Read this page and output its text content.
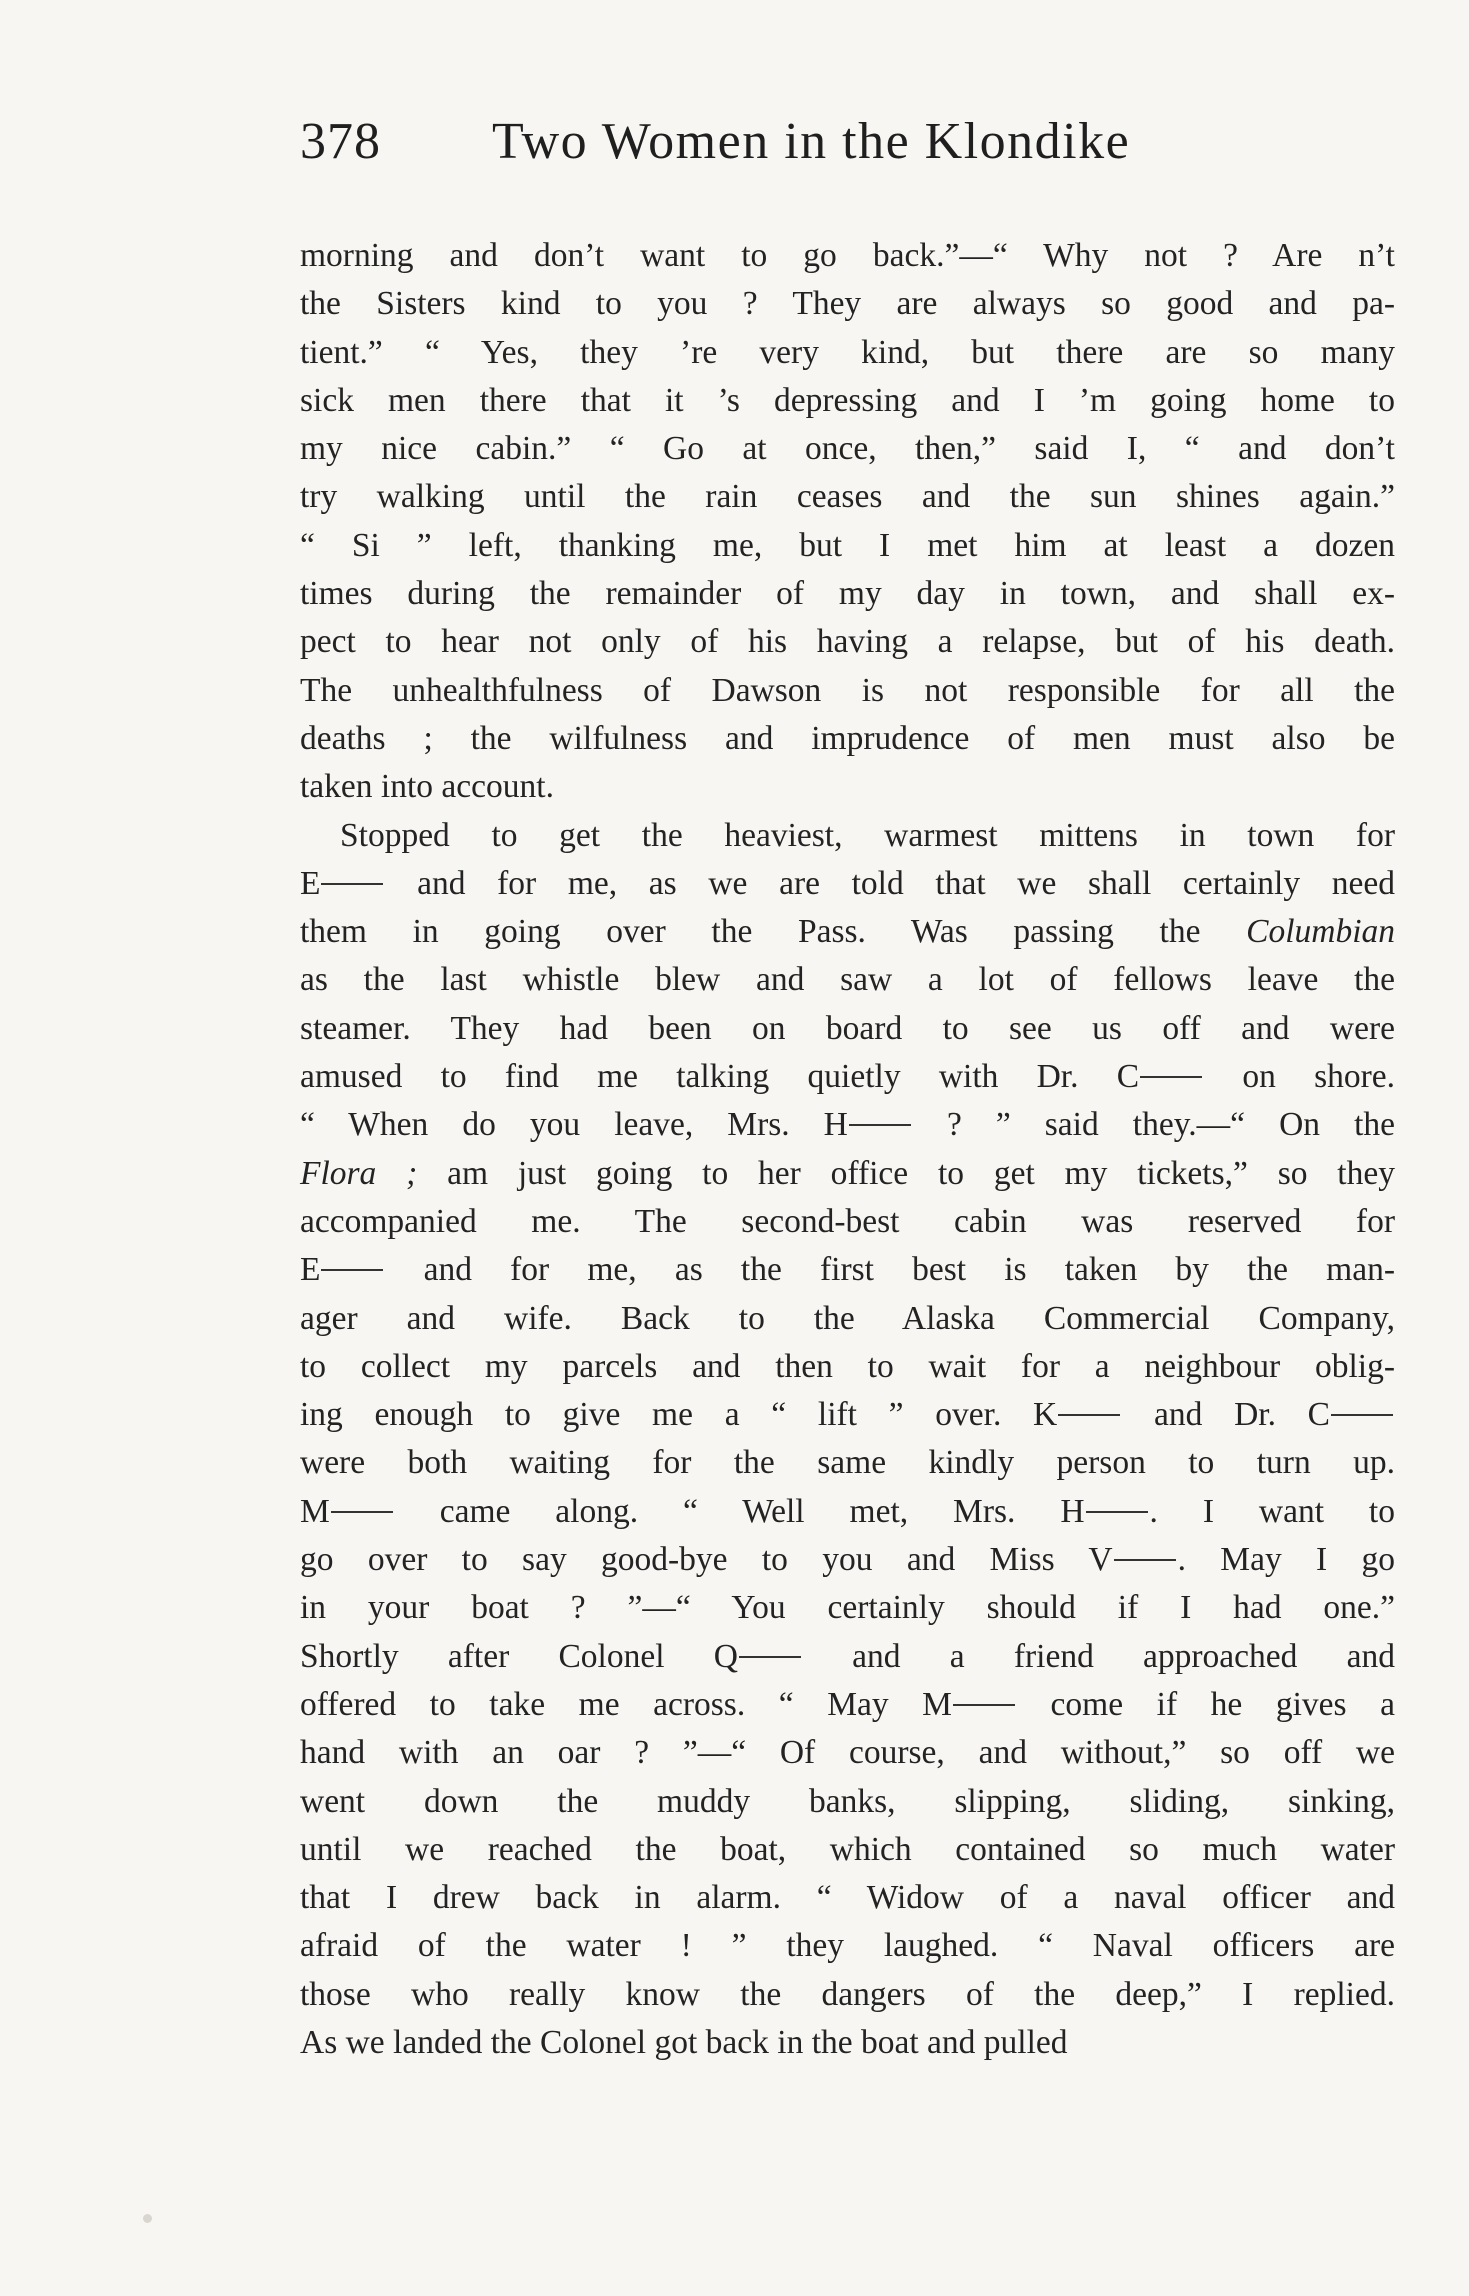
378 Two Women in the Klondike
morning and don’t want to go back.”—“ Why not ? Are n’t
the Sisters kind to you ? They are always so good and pa-
tient.” “ Yes, they ’re very kind, but there are so many
sick men there that it ’s depressing and I ’m going home to
my nice cabin.” “ Go at once, then,” said I, “ and don’t
try walking until the rain ceases and the sun shines again.”
“ Si ” left, thanking me, but I met him at least a dozen
times during the remainder of my day in town, and shall ex-
pect to hear not only of his having a relapse, but of his death.
The unhealthfulness of Dawson is not responsible for all the
deaths ; the wilfulness and imprudence of men must also be
taken into account.
Stopped to get the heaviest, warmest mittens in town for
E and for me, as we are told that we shall certainly need
them in going over the Pass. Was passing the Columbian
as the last whistle blew and saw a lot of fellows leave the
steamer. They had been on board to see us off and were
amused to find me talking quietly with Dr. C on shore.
“ When do you leave, Mrs. H ? ” said they.—“ On the
Flora ; am just going to her office to get my tickets,” so they
accompanied me. The second-best cabin was reserved for
E and for me, as the first best is taken by the man-
ager and wife. Back to the Alaska Commercial Company,
to collect my parcels and then to wait for a neighbour oblig-
ing enough to give me a “ lift ” over. K and Dr. C
were both waiting for the same kindly person to turn up.
M came along. “ Well met, Mrs. H . I want to
go over to say good-bye to you and Miss V . May I go
in your boat ? ”—“ You certainly should if I had one.”
Shortly after Colonel Q and a friend approached and
offered to take me across. “ May M come if he gives a
hand with an oar ? ”—“ Of course, and without,” so off we
went down the muddy banks, slipping, sliding, sinking,
until we reached the boat, which contained so much water
that I drew back in alarm. “ Widow of a naval officer and
afraid of the water ! ” they laughed. “ Naval officers are
those who really know the dangers of the deep,” I replied.
As we landed the Colonel got back in the boat and pulled
